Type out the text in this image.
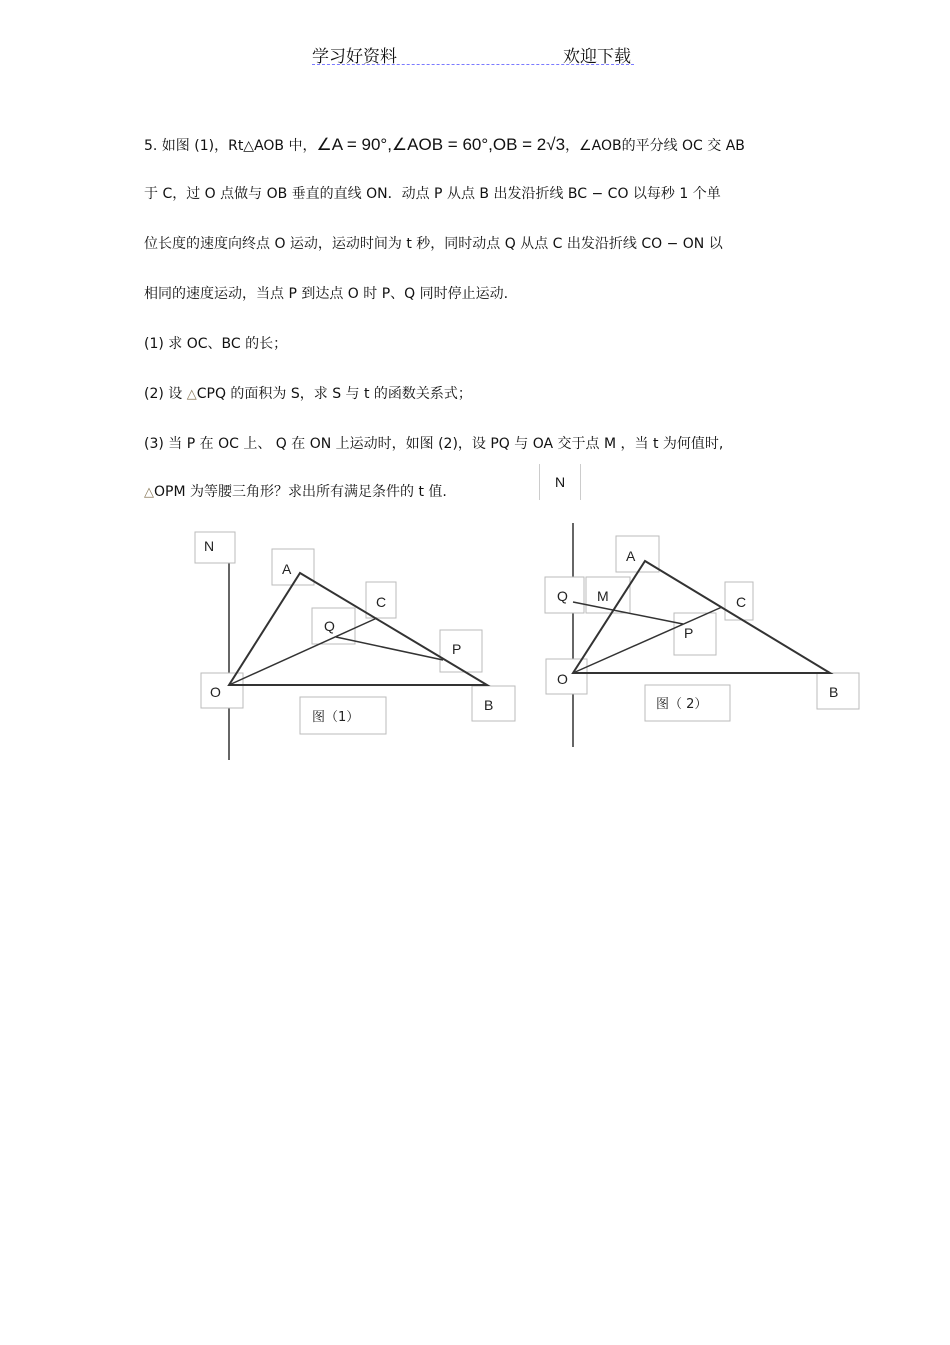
学习好资料	欢迎下载
5. 如图 (1)，Rt△AOB 中，∠A = 90°,∠AOB = 60°,OB = 2√3，∠AOB的平分线 OC 交 AB
于 C，过 O 点做与 OB 垂直的直线 ON．动点 P 从点 B 出发沿折线 BC − CO 以每秒 1 个单
位长度的速度向终点 O 运动，运动时间为 t 秒，同时动点 Q 从点 C 出发沿折线 CO − ON 以
相同的速度运动，当点 P 到达点 O 时 P、Q 同时停止运动.
(1) 求 OC、BC 的长；
(2) 设 △CPQ 的面积为 S，求 S 与 t 的函数关系式；
(3) 当 P 在 OC 上、 Q 在 ON 上运动时，如图 (2)，设 PQ 与 OA 交于点 M ，当 t 为何值时,
△OPM 为等腰三角形？求出所有满足条件的 t 值.
N
N
A
C
Q
P
O
B
图（1）
A
Q M	C
P
O
B
图（ 2）
